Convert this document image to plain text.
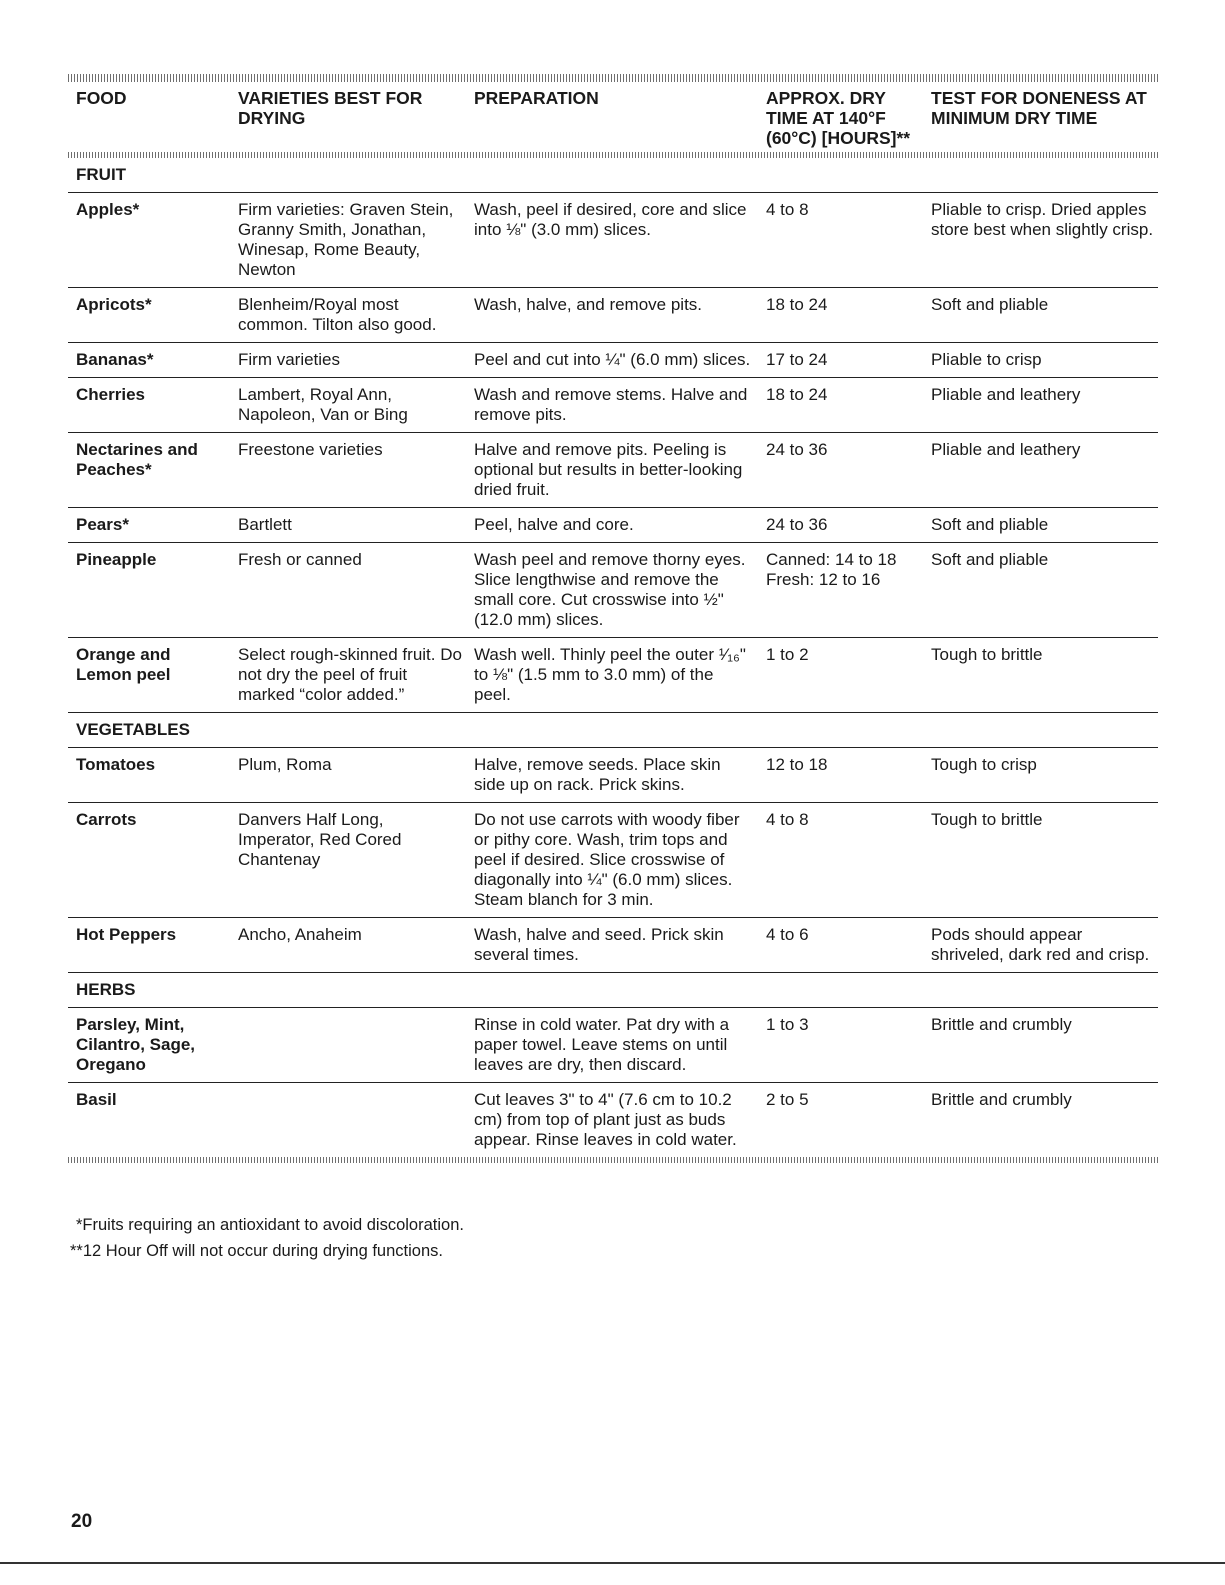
FOOD	VARIETIES BEST FOR DRYING	PREPARATION	APPROX. DRY TIME AT 140°F (60°C) [HOURS]**	TEST FOR DONENESS AT MINIMUM DRY TIME
FRUIT				
Apples*	Firm varieties: Graven Stein, Granny Smith, Jonathan, Winesap, Rome Beauty, Newton	Wash, peel if desired, core and slice into ⅛" (3.0 mm) slices.	4 to 8	Pliable to crisp. Dried apples store best when slightly crisp.
Apricots*	Blenheim/Royal most common. Tilton also good.	Wash, halve, and remove pits.	18 to 24	Soft and pliable
Bananas*	Firm varieties	Peel and cut into ¼" (6.0 mm) slices.	17 to 24	Pliable to crisp
Cherries	Lambert, Royal Ann, Napoleon, Van or Bing	Wash and remove stems. Halve and remove pits.	18 to 24	Pliable and leathery
Nectarines and Peaches*	Freestone varieties	Halve and remove pits. Peeling is optional but results in better-looking dried fruit.	24 to 36	Pliable and leathery
Pears*	Bartlett	Peel, halve and core.	24 to 36	Soft and pliable
Pineapple	Fresh or canned	Wash peel and remove thorny eyes. Slice lengthwise and remove the small core. Cut crosswise into ½" (12.0 mm) slices.	Canned: 14 to 18 Fresh: 12 to 16	Soft and pliable
Orange and Lemon peel	Select rough-skinned fruit. Do not dry the peel of fruit marked “color added.”	Wash well. Thinly peel the outer ¹⁄₁₆" to ⅛" (1.5 mm to 3.0 mm) of the peel.	1 to 2	Tough to brittle
VEGETABLES				
Tomatoes	Plum, Roma	Halve, remove seeds. Place skin side up on rack. Prick skins.	12 to 18	Tough to crisp
Carrots	Danvers Half Long, Imperator, Red Cored Chantenay	Do not use carrots with woody fiber or pithy core. Wash, trim tops and peel if desired. Slice crosswise of diagonally into ¼" (6.0 mm) slices. Steam blanch for 3 min.	4 to 8	Tough to brittle
Hot Peppers	Ancho, Anaheim	Wash, halve and seed. Prick skin several times.	4 to 6	Pods should appear shriveled, dark red and crisp.
HERBS				
Parsley, Mint, Cilantro, Sage, Oregano		Rinse in cold water. Pat dry with a paper towel. Leave stems on until leaves are dry, then discard.	1 to 3	Brittle and crumbly
Basil		Cut leaves 3" to 4" (7.6 cm to 10.2 cm) from top of plant just as buds appear. Rinse leaves in cold water.	2 to 5	Brittle and crumbly
*Fruits requiring an antioxidant to avoid discoloration.
**12 Hour Off will not occur during drying functions.
20
